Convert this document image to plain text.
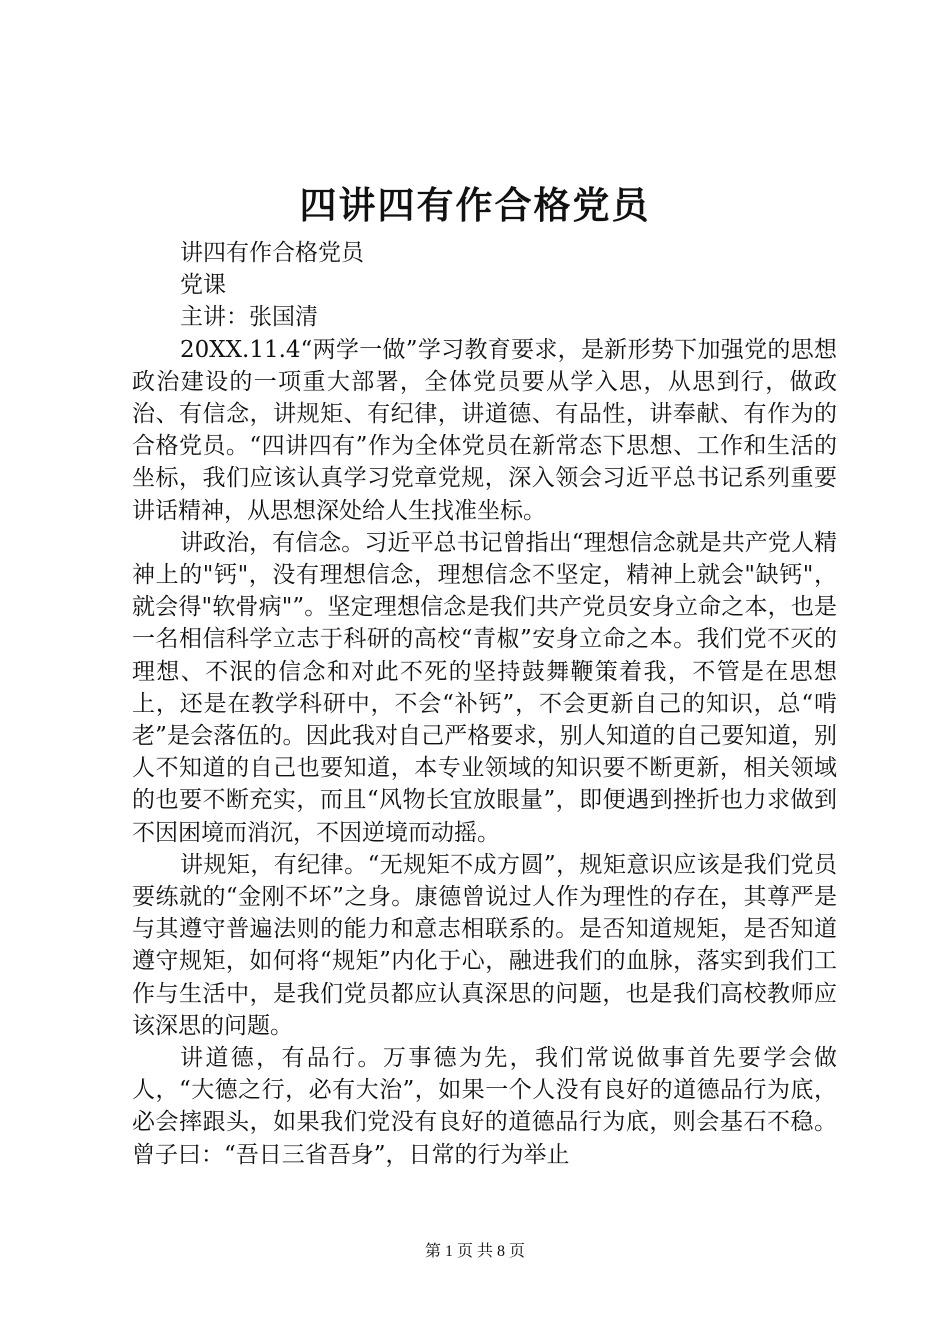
四讲四有作合格党员

讲四有作合格党员

党课

主讲：张国清

20XX.11.4“两学一做”学习教育要求，是新形势下加强党的思想政治建设的一项重大部署，全体党员要从学入思，从思到行，做政治、有信念，讲规矩、有纪律，讲道德、有品性，讲奉献、有作为的合格党员。“四讲四有”作为全体党员在新常态下思想、工作和生活的坐标，我们应该认真学习党章党规，深入领会习近平总书记系列重要讲话精神，从思想深处给人生找准坐标。

讲政治，有信念。习近平总书记曾指出“理想信念就是共产党人精神上的"钙"，没有理想信念，理想信念不坚定，精神上就会"缺钙"，就会得"软骨病"”。坚定理想信念是我们共产党员安身立命之本，也是一名相信科学立志于科研的高校“青椒”安身立命之本。我们党不灭的理想、不泯的信念和对此不死的坚持鼓舞鞭策着我，不管是在思想上，还是在教学科研中，不会“补钙”，不会更新自己的知识，总“啃老”是会落伍的。因此我对自己严格要求，别人知道的自己要知道，别人不知道的自己也要知道，本专业领域的知识要不断更新，相关领域的也要不断充实，而且“风物长宜放眼量”，即便遇到挫折也力求做到不因困境而消沉，不因逆境而动摇。

讲规矩，有纪律。“无规矩不成方圆”，规矩意识应该是我们党员要练就的“金刚不坏”之身。康德曾说过人作为理性的存在，其尊严是与其遵守普遍法则的能力和意志相联系的。是否知道规矩，是否知道遵守规矩，如何将“规矩”内化于心，融进我们的血脉，落实到我们工作与生活中，是我们党员都应认真深思的问题，也是我们高校教师应该深思的问题。

讲道德，有品行。万事德为先，我们常说做事首先要学会做人，“大德之行，必有大治”，如果一个人没有良好的道德品行为底，必会摔跟头，如果我们党没有良好的道德品行为底，则会基石不稳。曾子曰：“吾日三省吾身”，日常的行为举止

第 1 页 共 8 页
